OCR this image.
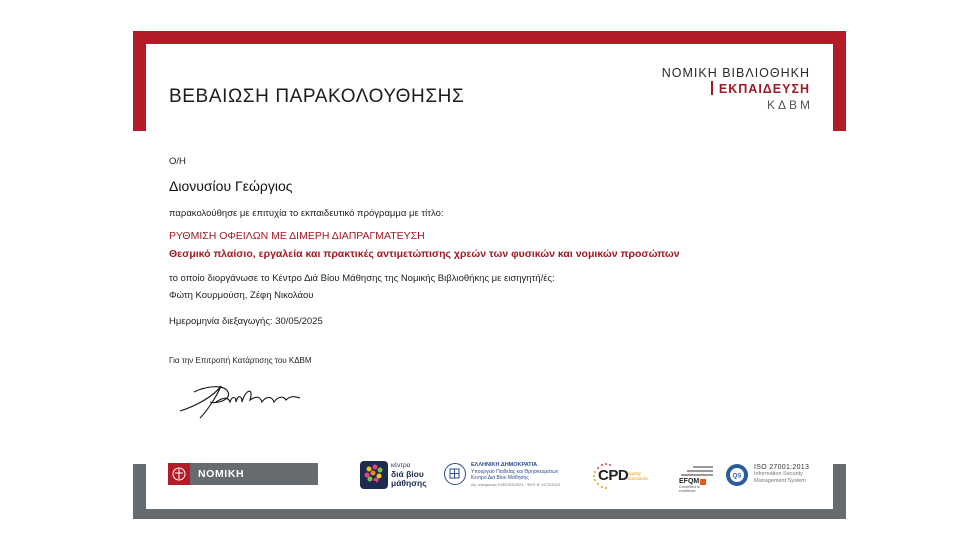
ΒΕΒΑΙΩΣΗ ΠΑΡΑΚΟΛΟΥΘΗΣΗΣ
ΝΟΜΙΚΗ ΒΙΒΛΙΟΘΗΚΗ
ΕΚΠΑΙΔΕΥΣΗ
ΚΔΒΜ
Ο/Η
Διονυσίου Γεώργιος
παρακολούθησε με επιτυχία το εκπαιδευτικό πρόγραμμα με τίτλο:
ΡΥΘΜΙΣΗ ΟΦΕΙΛΩΝ ΜΕ ΔΙΜΕΡΗ ΔΙΑΠΡΑΓΜΑΤΕΥΣΗ
Θεσμικό πλαίσιο, εργαλεία και πρακτικές αντιμετώπισης χρεών των φυσικών και νομικών προσώπων
το οποίο διοργάνωσε το Κέντρο Διά Βίου Μάθησης της Νομικής Βιβλιοθήκης με εισηγητή/ές:
Φώτη Κουρμούση, Ζέφη Νικολάου
Ημερομηνία διεξαγωγής: 30/05/2025
Για την Επιτροπή Κατάρτισης του ΚΔΒΜ
ΝΟΜΙΚΗ ΒΙΒΛΙΟΘΗΚΗ
κέντρα
διά βίου
μάθησης
ΕΛΛΗΝΙΚΗ ΔΗΜΟΚΡΑΤΙΑ
Υπουργείο Παιδείας και Θρησκευμάτων
Κέντρο Διά Βίου Μάθησης
Αρ. απόφασης Κ2Β2/93/2024 - ΦΕΚ Β' 5172/2024	CPD quality standards	EFQM
Committed to excellence
QS
ISO 27001:2013
Information Security
Management System
